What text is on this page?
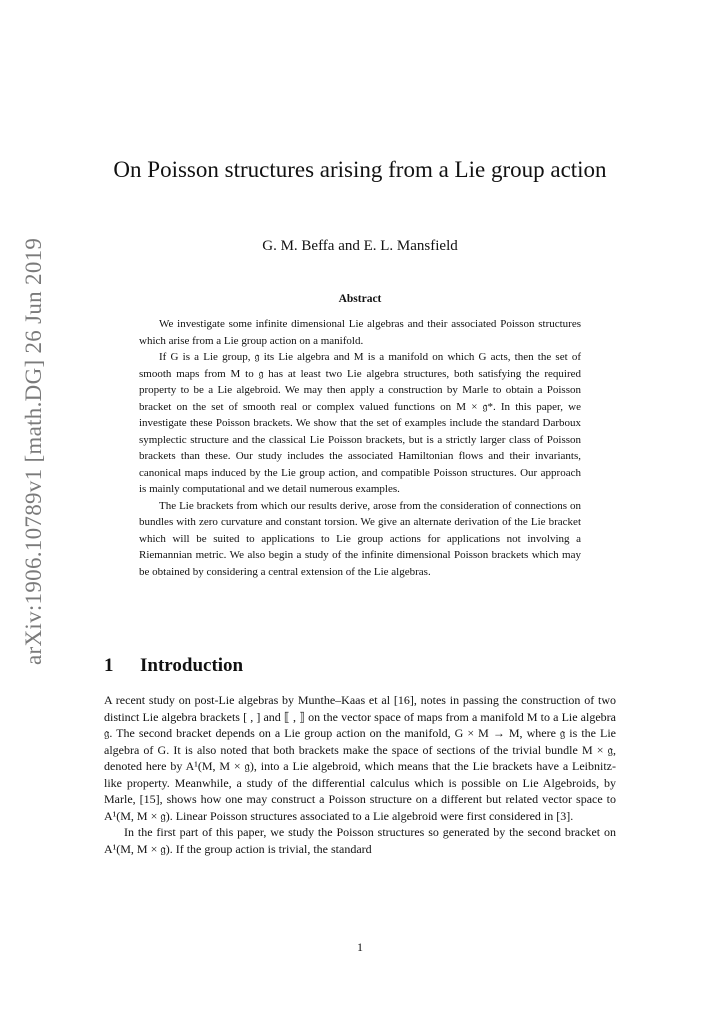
arXiv:1906.10789v1 [math.DG] 26 Jun 2019
On Poisson structures arising from a Lie group action
G. M. Beffa and E. L. Mansfield
Abstract

We investigate some infinite dimensional Lie algebras and their associated Poisson structures which arise from a Lie group action on a manifold.

If G is a Lie group, 𝔤 its Lie algebra and M is a manifold on which G acts, then the set of smooth maps from M to 𝔤 has at least two Lie algebra structures, both satisfying the required property to be a Lie algebroid. We may then apply a construction by Marle to obtain a Poisson bracket on the set of smooth real or complex valued functions on M × 𝔤*. In this paper, we investigate these Poisson brackets. We show that the set of examples include the standard Darboux symplectic structure and the classical Lie Poisson brackets, but is a strictly larger class of Poisson brackets than these. Our study includes the associated Hamiltonian flows and their invariants, canonical maps induced by the Lie group action, and compatible Poisson structures. Our approach is mainly computational and we detail numerous examples.

The Lie brackets from which our results derive, arose from the consideration of connections on bundles with zero curvature and constant torsion. We give an alternate derivation of the Lie bracket which will be suited to applications to Lie group actions for applications not involving a Riemannian metric. We also begin a study of the infinite dimensional Poisson brackets which may be obtained by considering a central extension of the Lie algebras.

1 Introduction

A recent study on post-Lie algebras by Munthe–Kaas et al [16], notes in passing the construction of two distinct Lie algebra brackets [ , ] and ⟦ , ⟧ on the vector space of maps from a manifold M to a Lie algebra 𝔤. The second bracket depends on a Lie group action on the manifold, G × M → M, where 𝔤 is the Lie algebra of G. It is also noted that both brackets make the space of sections of the trivial bundle M × 𝔤, denoted here by A¹(M, M × 𝔤), into a Lie algebroid, which means that the Lie brackets have a Leibnitz-like property. Meanwhile, a study of the differential calculus which is possible on Lie Algebroids, by Marle, [15], shows how one may construct a Poisson structure on a different but related vector space to A¹(M, M × 𝔤). Linear Poisson structures associated to a Lie algebroid were first considered in [3].

In the first part of this paper, we study the Poisson structures so generated by the second bracket on A¹(M, M × 𝔤). If the group action is trivial, the standard

1
